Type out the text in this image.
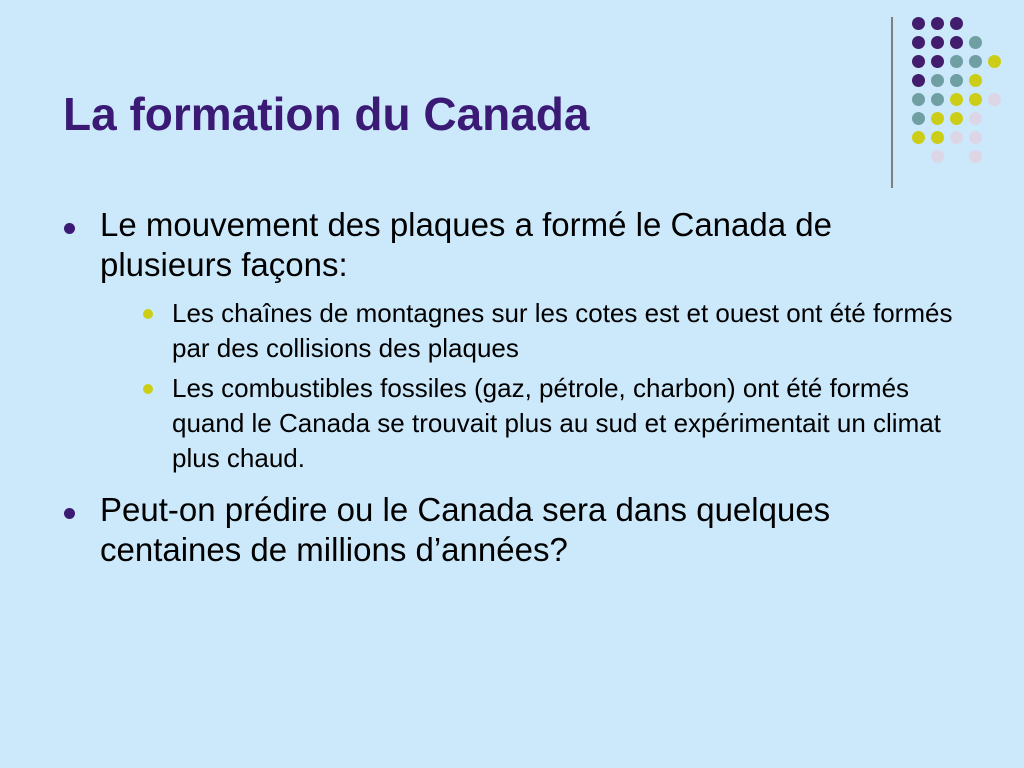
La formation du Canada
Le mouvement des plaques a formé le Canada de plusieurs façons:
Les chaînes de montagnes sur les cotes est et ouest ont été formés par des collisions des plaques
Les combustibles fossiles (gaz, pétrole, charbon) ont été formés quand le Canada se trouvait plus au sud et expérimentait un climat plus chaud.
Peut-on prédire ou le Canada sera dans quelques centaines de millions d’années?
